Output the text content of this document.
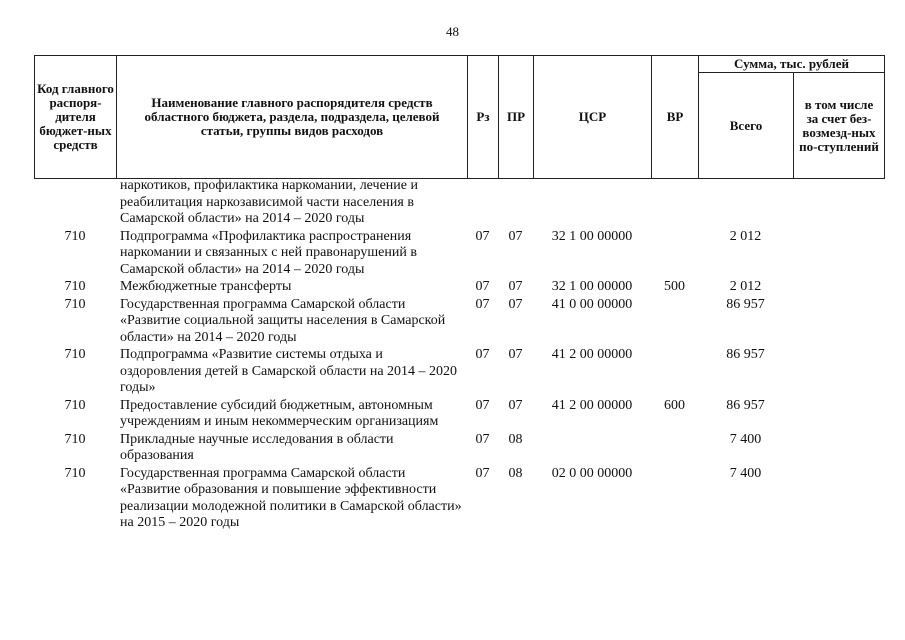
48
Код главного распоря-дителя бюджет-ных средств	Наименование главного распорядителя средств областного бюджета, раздела, подраздела, целевой статьи, группы видов расходов	Рз	ПР	ЦСР	ВР	Сумма, тыс. рублей	
						Всего	в том числе за счет без-возмезд-ных по-ступлений
	наркотиков, профилактика наркомании, лечение и реабилитация наркозависимой части населения в Самарской области» на 2014 – 2020 годы						
710	Подпрограмма «Профилактика распространения наркомании и связанных с ней правонарушений в Самарской области» на 2014 – 2020 годы	07	07	32 1 00 00000		2 012	
710	Межбюджетные трансферты	07	07	32 1 00 00000	500	2 012	
710	Государственная программа Самарской области «Развитие социальной защиты населения в Самарской области» на 2014 – 2020 годы	07	07	41 0 00 00000		86 957	
710	Подпрограмма «Развитие системы отдыха и оздоровления детей в Самарской области на 2014 – 2020 годы»	07	07	41 2 00 00000		86 957	
710	Предоставление субсидий бюджетным, автономным учреждениям и иным некоммерческим организациям	07	07	41 2 00 00000	600	86 957	
710	Прикладные научные исследования в области образования	07	08			7 400	
710	Государственная программа Самарской области «Развитие образования и повышение эффективности реализации молодежной политики в Самарской области» на 2015 – 2020 годы	07	08	02 0 00 00000		7 400	
